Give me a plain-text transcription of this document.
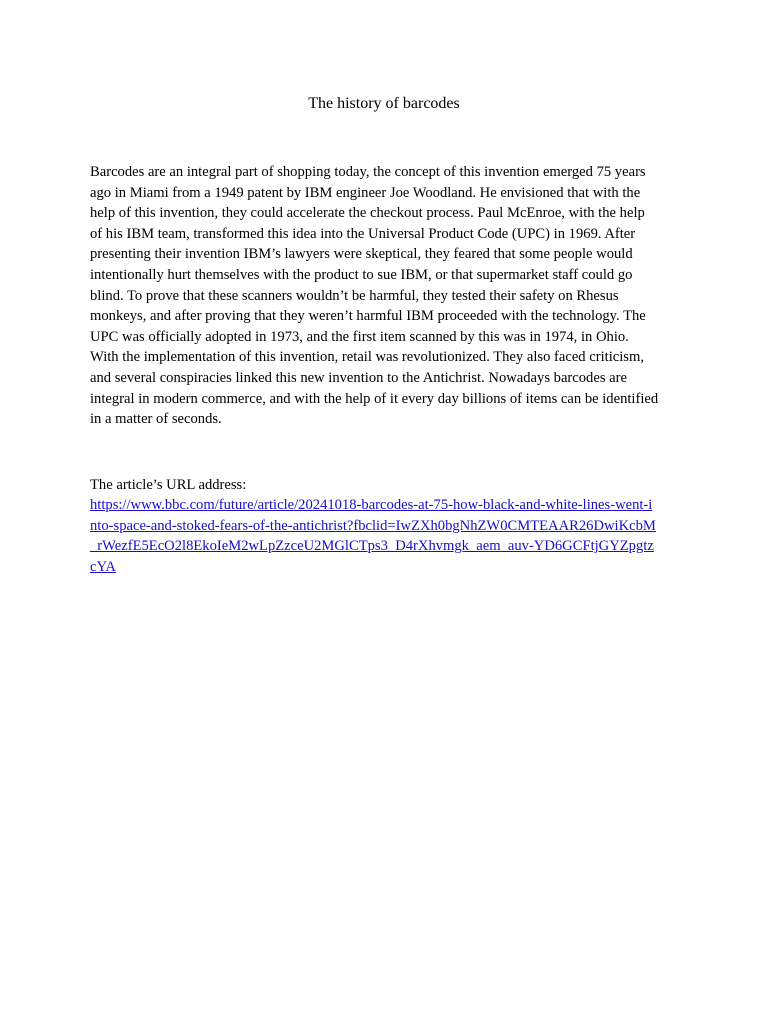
The history of barcodes

Barcodes are an integral part of shopping today, the concept of this invention emerged 75 years
ago in Miami from a 1949 patent by IBM engineer Joe Woodland. He envisioned that with the
help of this invention, they could accelerate the checkout process. Paul McEnroe, with the help
of his IBM team, transformed this idea into the Universal Product Code (UPC) in 1969. After
presenting their invention IBM’s lawyers were skeptical, they feared that some people would
intentionally hurt themselves with the product to sue IBM, or that supermarket staff could go
blind. To prove that these scanners wouldn’t be harmful, they tested their safety on Rhesus
monkeys, and after proving that they weren’t harmful IBM proceeded with the technology. The
UPC was officially adopted in 1973, and the first item scanned by this was in 1974, in Ohio.
With the implementation of this invention, retail was revolutionized. They also faced criticism,
and several conspiracies linked this new invention to the Antichrist. Nowadays barcodes are
integral in modern commerce, and with the help of it every day billions of items can be identified
in a matter of seconds.

The article’s URL address:

https://www.bbc.com/future/article/20241018-barcodes-at-75-how-black-and-white-lines-went-i
nto-space-and-stoked-fears-of-the-antichrist?fbclid=IwZXh0bgNhZW0CMTEAAR26DwiKcbM
_rWezfE5EcO2l8EkoIeM2wLpZzceU2MGlCTps3_D4rXhvmgk_aem_auv-YD6GCFtjGYZpgtz
cYA
